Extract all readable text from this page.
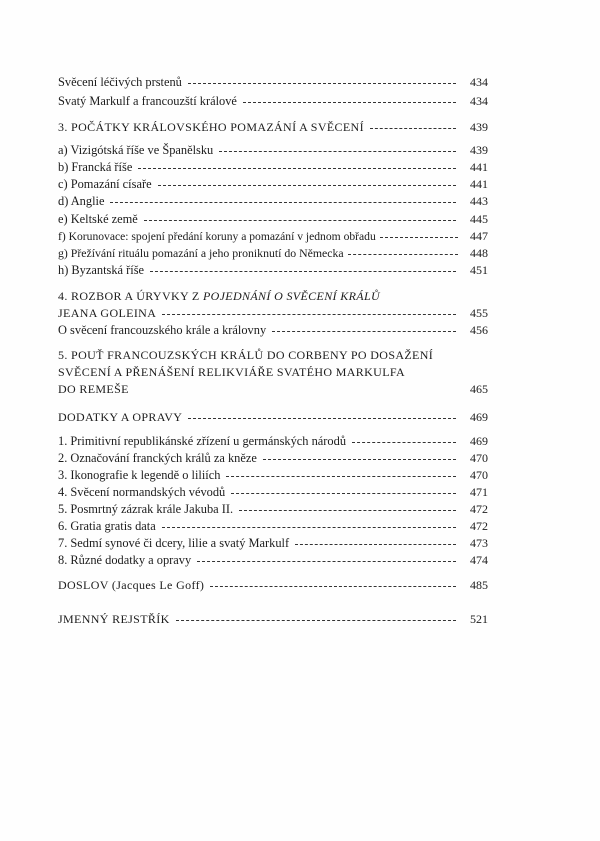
Svěcení léčivých prstenů	434
Svatý Markulf a francouzští králové	434
3. POČÁTKY KRÁLOVSKÉHO POMAZÁNÍ A SVĚCENÍ	439
a) Vizigótská říše ve Španělsku	439
b) Francká říše	441
c) Pomazání císaře	441
d) Anglie	443
e) Keltské země	445
f) Korunovace: spojení předání koruny a pomazání v jednom obřadu	447
g) Přežívání rituálu pomazání a jeho proniknutí do Německa	448
h) Byzantská říše	451
4. ROZBOR A ÚRYVKY Z POJEDNÁNÍ O SVĚCENÍ KRÁLŮ
JEANA GOLEINA	455
O svěcení francouzského krále a královny	456
5. POUŤ FRANCOUZSKÝCH KRÁLŮ DO CORBENY PO DOSAŽENÍ
SVĚCENÍ A PŘENÁŠENÍ RELIKVIÁŘE SVATÉHO MARKULFA
DO REMEŠE	465
DODATKY A OPRAVY	469
1. Primitivní republikánské zřízení u germánských národů	469
2. Označování franckých králů za kněze	470
3. Ikonografie k legendě o liliích	470
4. Svěcení normandských vévodů	471
5. Posmrtný zázrak krále Jakuba II.	472
6. Gratia gratis data	472
7. Sedmí synové či dcery, lilie a svatý Markulf	473
8. Různé dodatky a opravy	474
DOSLOV (Jacques Le Goff)	485
JMENNÝ REJSTŘÍK	521
